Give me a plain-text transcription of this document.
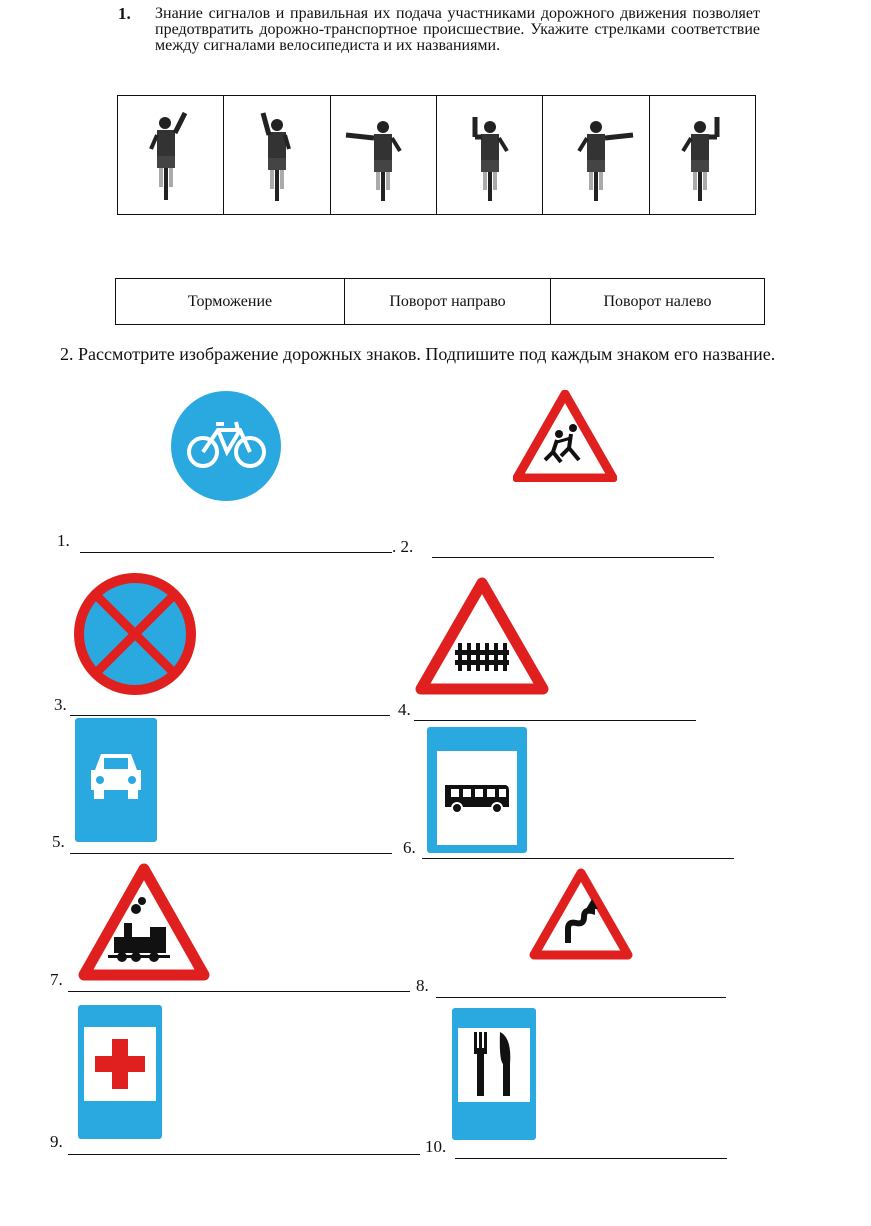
1. Знание сигналов и правильная их подача участниками дорожного движения позволяет предотвратить дорожно-транспортное происшествие. Укажите стрелками соответствие между сигналами велосипедиста и их названиями.
Торможение	Поворот направо	Поворот налево
2. Рассмотрите изображение дорожных знаков. Подпишите под каждым знаком его название.
1.	. 2.
3.	4.
5.	6.
7.	8.
9.	10.
